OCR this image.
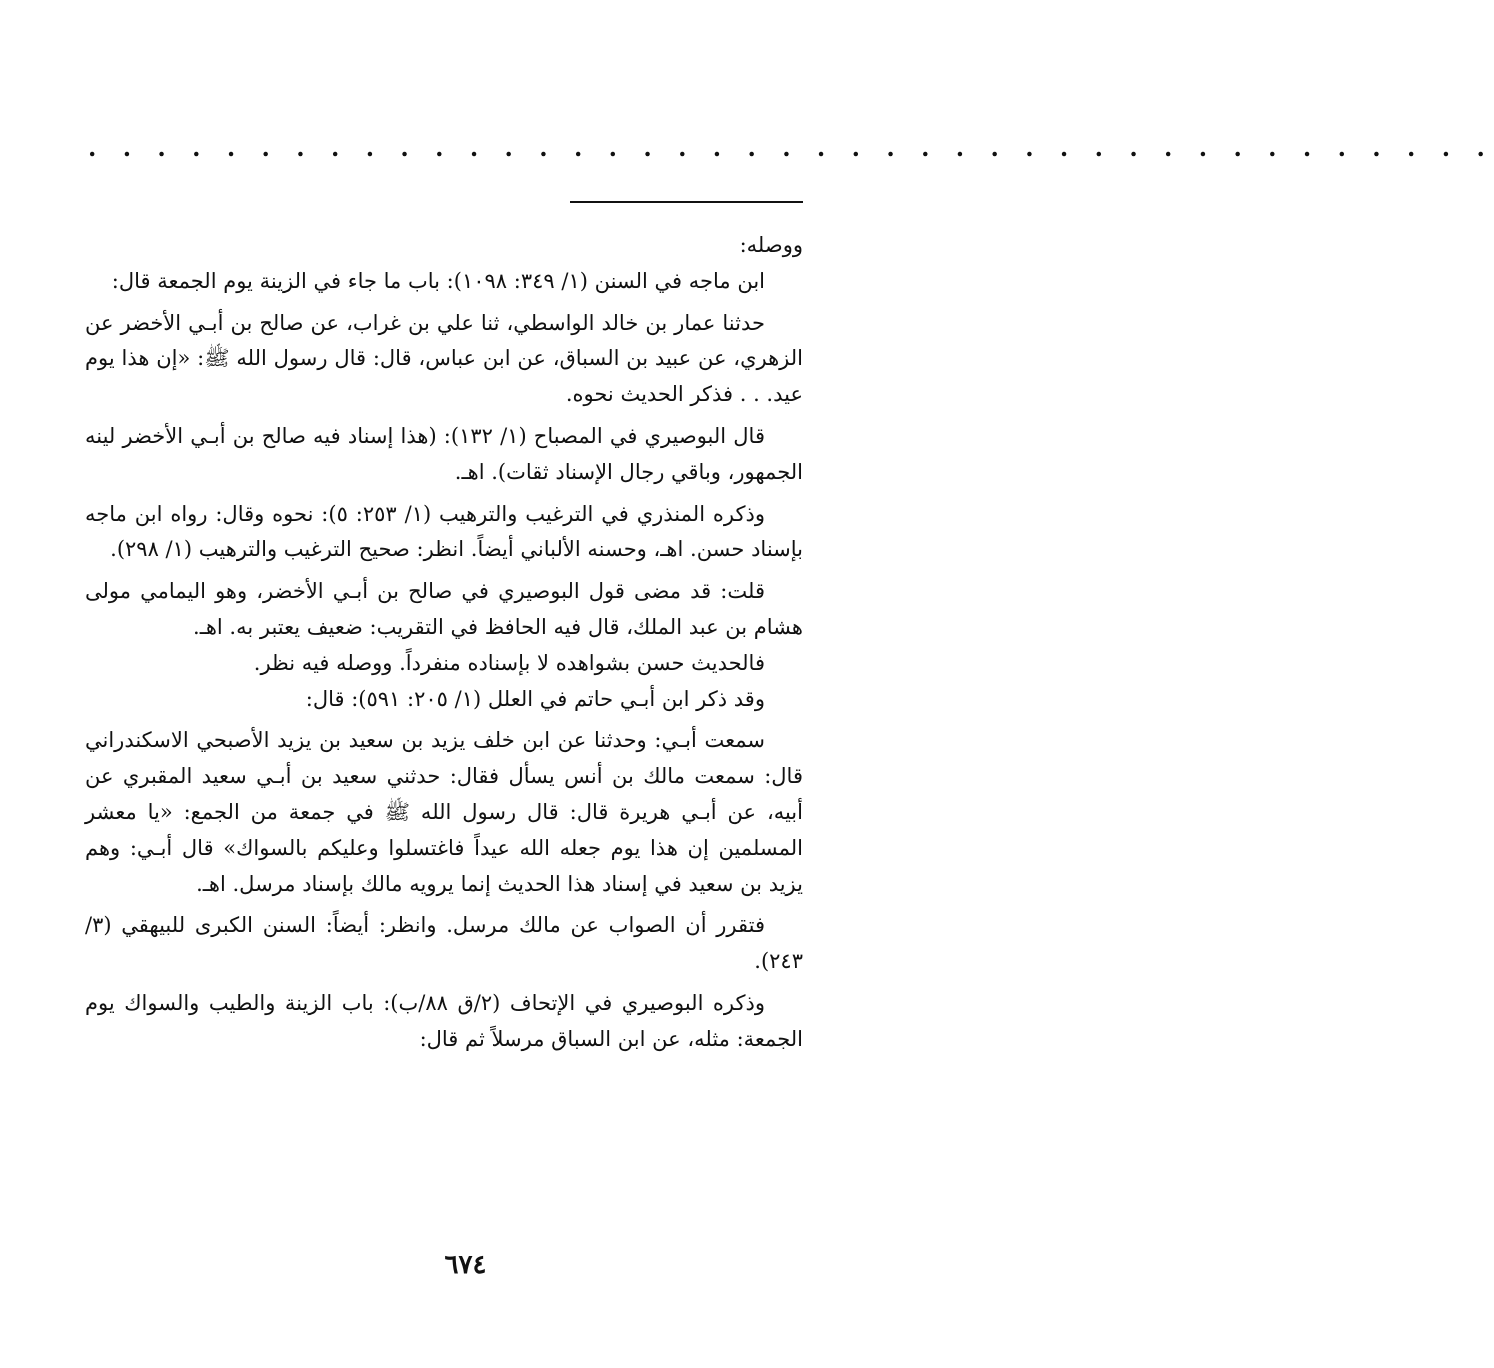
. . . . . . . . . . . . . . . . . . . . . . . . . . . . . . . . . . . . . . . . .

ووصله:

ابن ماجه في السنن (١/ ٣٤٩: ١٠٩٨): باب ما جاء في الزينة يوم الجمعة قال:

حدثنا عمار بن خالد الواسطي، ثنا علي بن غراب، عن صالح بن أبـي الأخضر عن الزهري، عن عبيد بن السباق، عن ابن عباس، قال: قال رسول الله ﷺ: «إن هذا يوم عيد. . . فذكر الحديث نحوه.

قال البوصيري في المصباح (١/ ١٣٢): (هذا إسناد فيه صالح بن أبـي الأخضر لينه الجمهور، وباقي رجال الإسناد ثقات). اهـ.

وذكره المنذري في الترغيب والترهيب (١/ ٢٥٣: ٥): نحوه وقال: رواه ابن ماجه بإسناد حسن. اهـ، وحسنه الألباني أيضاً. انظر: صحيح الترغيب والترهيب (١/ ٢٩٨).

قلت: قد مضى قول البوصيري في صالح بن أبـي الأخضر، وهو اليمامي مولى هشام بن عبد الملك، قال فيه الحافظ في التقريب: ضعيف يعتبر به. اهـ.

فالحديث حسن بشواهده لا بإسناده منفرداً. ووصله فيه نظر.

وقد ذكر ابن أبـي حاتم في العلل (١/ ٢٠٥: ٥٩١): قال:

سمعت أبـي: وحدثنا عن ابن خلف يزيد بن سعيد بن يزيد الأصبحي الاسكندراني قال: سمعت مالك بن أنس يسأل فقال: حدثني سعيد بن أبـي سعيد المقبري عن أبيه، عن أبـي هريرة قال: قال رسول الله ﷺ في جمعة من الجمع: «يا معشر المسلمين إن هذا يوم جعله الله عيداً فاغتسلوا وعليكم بالسواك» قال أبـي: وهم يزيد بن سعيد في إسناد هذا الحديث إنما يرويه مالك بإسناد مرسل. اهـ.

فتقرر أن الصواب عن مالك مرسل. وانظر: أيضاً: السنن الكبرى للبيهقي (٣/ ٢٤٣).

وذكره البوصيري في الإتحاف (٢/ق ٨٨/ب): باب الزينة والطيب والسواك يوم الجمعة: مثله، عن ابن السباق مرسلاً ثم قال:

٦٧٤
